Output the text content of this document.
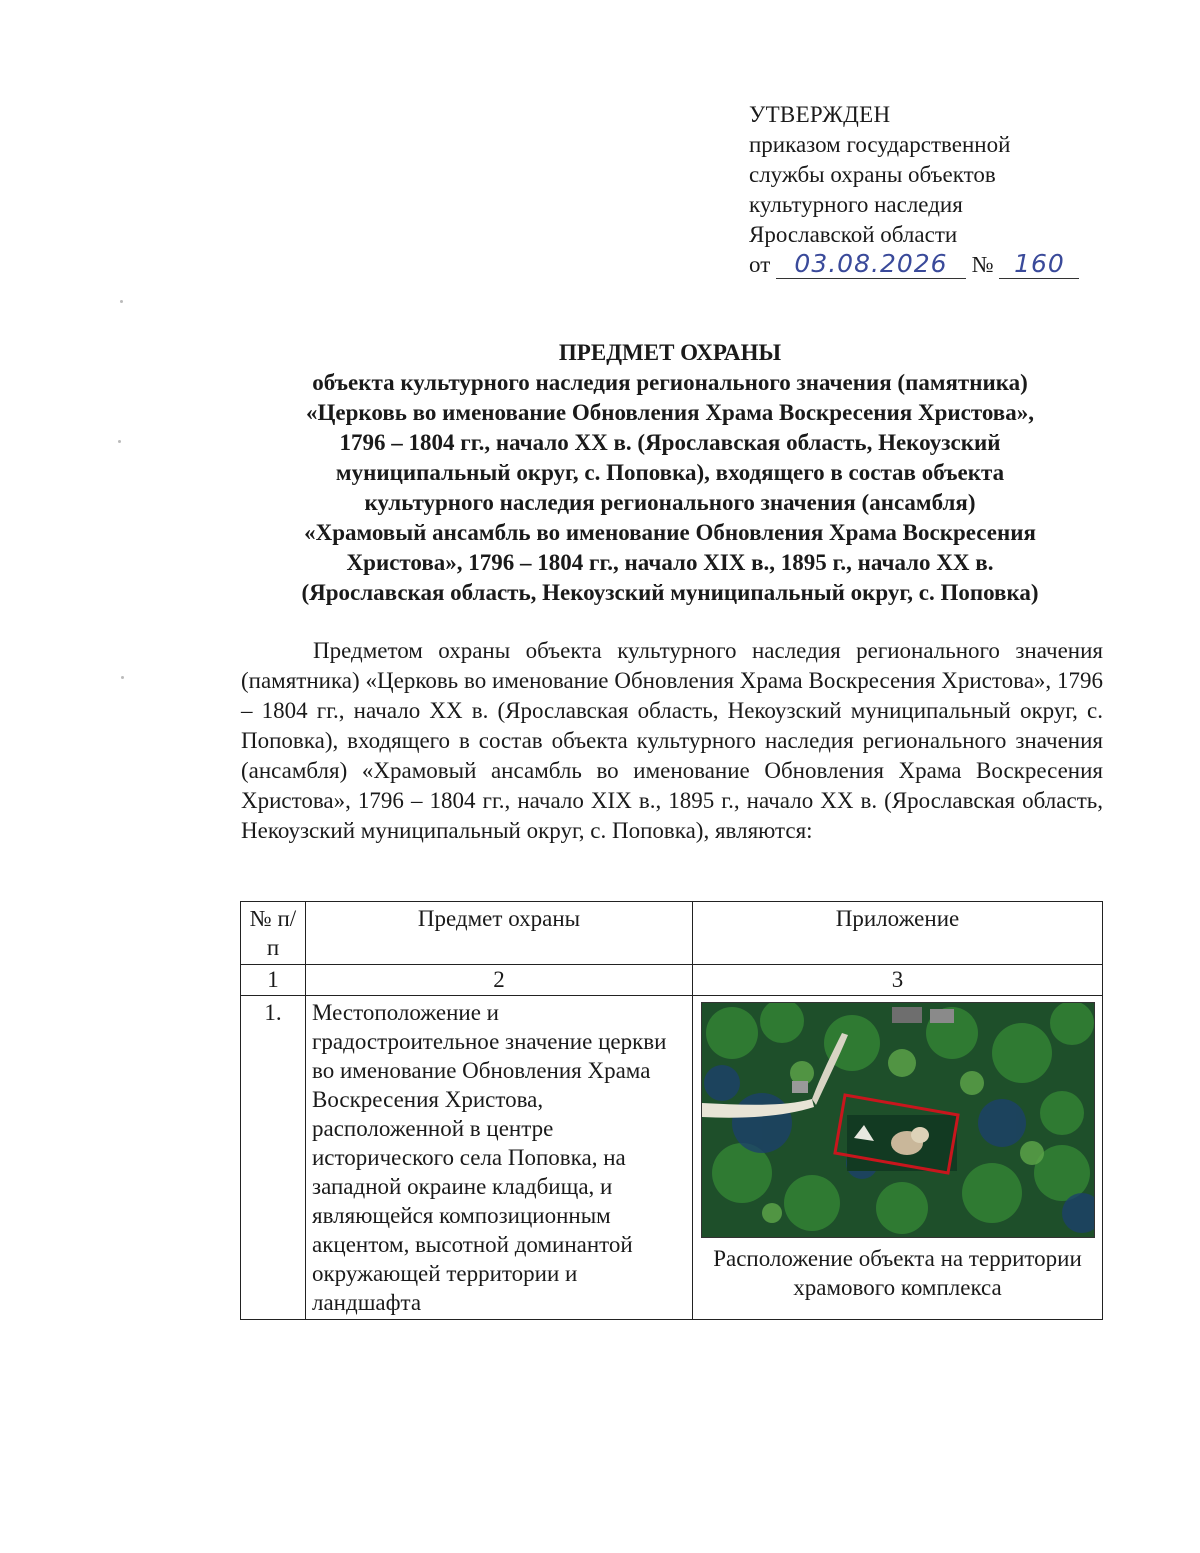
УТВЕРЖДЕН
приказом государственной
службы охраны объектов
культурного наследия
Ярославской области
от 03.08.2026 № 160
ПРЕДМЕТ ОХРАНЫ
объекта культурного наследия регионального значения (памятника)
«Церковь во именование Обновления Храма Воскресения Христова»,
1796 – 1804 гг., начало XX в. (Ярославская область, Некоузский
муниципальный округ, с. Поповка), входящего в состав объекта
культурного наследия регионального значения (ансамбля)
«Храмовый ансамбль во именование Обновления Храма Воскресения
Христова», 1796 – 1804 гг., начало XIX в., 1895 г., начало XX в.
(Ярославская область, Некоузский муниципальный округ, с. Поповка)
Предметом охраны объекта культурного наследия регионального значения (памятника) «Церковь во именование Обновления Храма Воскресения Христова», 1796 – 1804 гг., начало XX в. (Ярославская область, Некоузский муниципальный округ, с. Поповка), входящего в состав объекта культурного наследия регионального значения (ансамбля) «Храмовый ансамбль во именование Обновления Храма Воскресения Христова», 1796 – 1804 гг., начало XIX в., 1895 г., начало XX в. (Ярославская область, Некоузский муниципальный округ, с. Поповка), являются:
№ п/п	Предмет охраны	Приложение
1	2	3
1.	Местоположение и градостроительное значение церкви во именование Обновления Храма Воскресения Христова, расположенной в центре исторического села Поповка, на западной окраине кладбища, и являющейся композиционным акцентом, высотной доминантой окружающей территории и ландшафта	Расположение объекта на территории храмового комплекса
